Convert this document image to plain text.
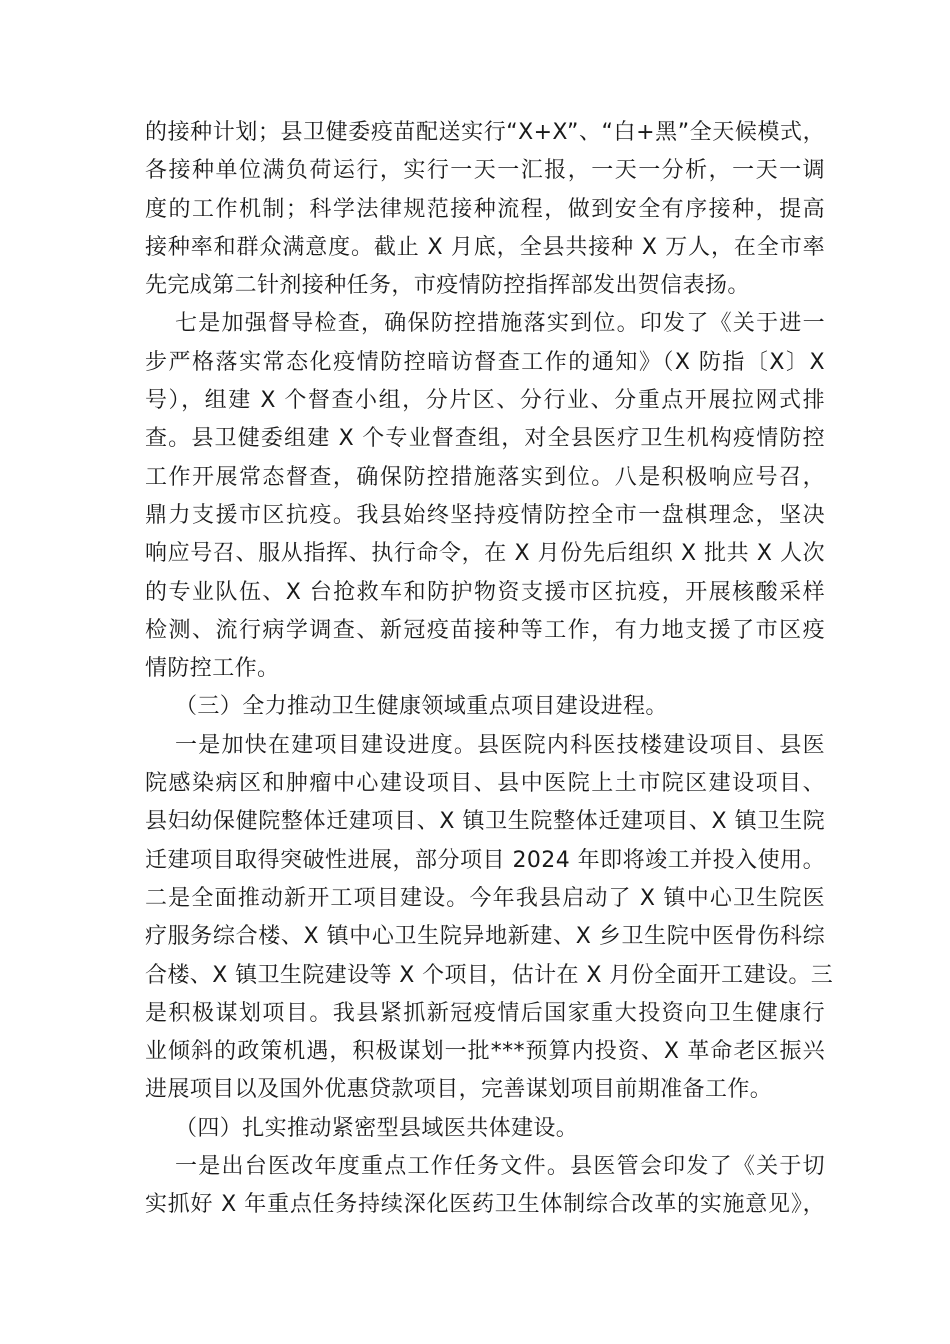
的接种计划；县卫健委疫苗配送实行“X+X”、“白+黑”全天候模式，
各接种单位满负荷运行，实行一天一汇报，一天一分析，一天一调
度的工作机制；科学法律规范接种流程，做到安全有序接种，提高
接种率和群众满意度。截止 X 月底，全县共接种 X 万人，在全市率
先完成第二针剂接种任务，市疫情防控指挥部发出贺信表扬。
七是加强督导检查，确保防控措施落实到位。印发了《关于进一
步严格落实常态化疫情防控暗访督查工作的通知》（X 防指〔X〕X
号），组建 X 个督查小组，分片区、分行业、分重点开展拉网式排
查。县卫健委组建 X 个专业督查组，对全县医疗卫生机构疫情防控
工作开展常态督查，确保防控措施落实到位。八是积极响应号召，
鼎力支援市区抗疫。我县始终坚持疫情防控全市一盘棋理念，坚决
响应号召、服从指挥、执行命令，在 X 月份先后组织 X 批共 X 人次
的专业队伍、X 台抢救车和防护物资支援市区抗疫，开展核酸采样
检测、流行病学调查、新冠疫苗接种等工作，有力地支援了市区疫
情防控工作。
（三）全力推动卫生健康领域重点项目建设进程。
一是加快在建项目建设进度。县医院内科医技楼建设项目、县医
院感染病区和肿瘤中心建设项目、县中医院上土市院区建设项目、
县妇幼保健院整体迁建项目、X 镇卫生院整体迁建项目、X 镇卫生院
迁建项目取得突破性进展，部分项目 2024 年即将竣工并投入使用。
二是全面推动新开工项目建设。今年我县启动了 X 镇中心卫生院医
疗服务综合楼、X 镇中心卫生院异地新建、X 乡卫生院中医骨伤科综
合楼、X 镇卫生院建设等 X 个项目，估计在 X 月份全面开工建设。三
是积极谋划项目。我县紧抓新冠疫情后国家重大投资向卫生健康行
业倾斜的政策机遇，积极谋划一批***预算内投资、X 革命老区振兴
进展项目以及国外优惠贷款项目，完善谋划项目前期准备工作。
（四）扎实推动紧密型县域医共体建设。
一是出台医改年度重点工作任务文件。县医管会印发了《关于切
实抓好 X 年重点任务持续深化医药卫生体制综合改革的实施意见》，
